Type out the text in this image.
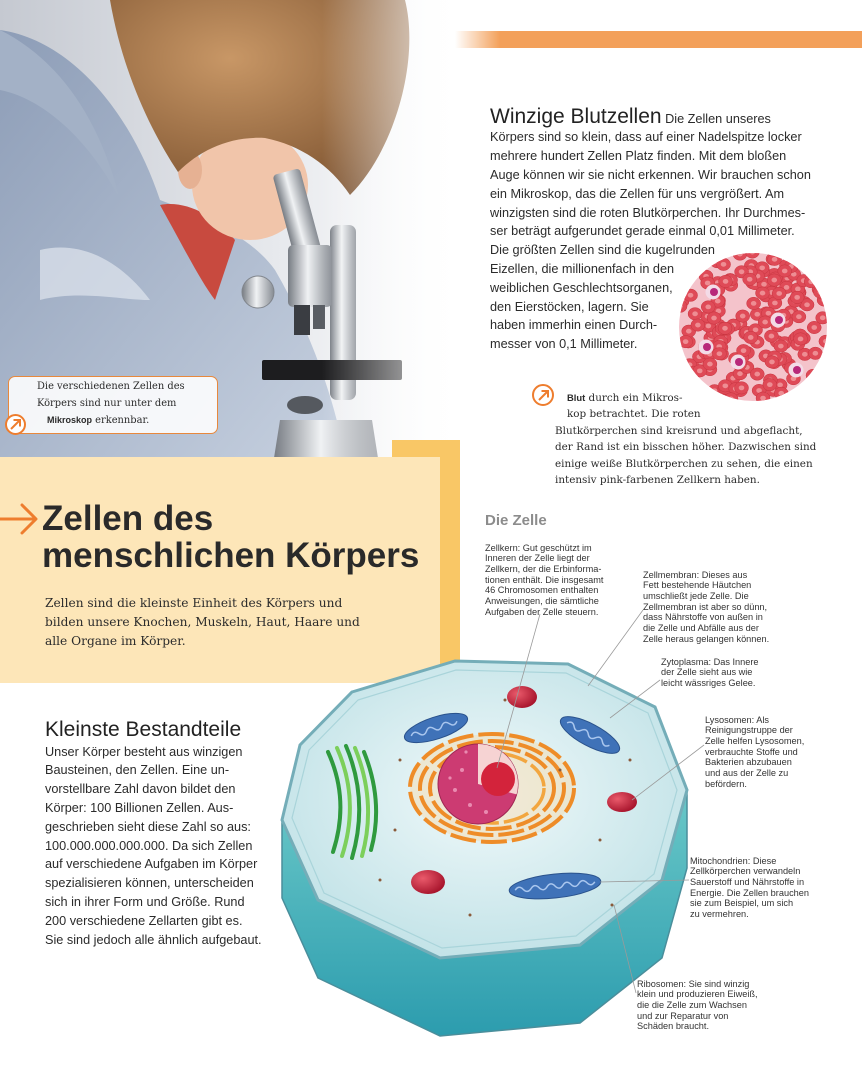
Die verschiedenen Zellen des
Körpers sind nur unter dem
Mikroskop erkennbar.
Winzige Blutzellen Die Zellen unseres
Körpers sind so klein, dass auf einer Nadelspitze locker
mehrere hundert Zellen Platz finden. Mit dem bloßen
Auge können wir sie nicht erkennen. Wir brauchen schon
ein Mikroskop, das die Zellen für uns vergrößert. Am
winzigsten sind die roten Blutkörperchen. Ihr Durchmes-
ser beträgt aufgerundet gerade einmal 0,01 Millimeter.
Die größten Zellen sind die kugelrunden
Eizellen, die millionenfach in den
weiblichen Geschlechtsorganen,
den Eierstöcken, lagern. Sie
haben immerhin einen Durch-
messer von 0,1 Millimeter.
Blut durch ein Mikros-
kop betrachtet. Die roten
Blutkörperchen sind kreisrund und abgeflacht,
der Rand ist ein bisschen höher. Dazwischen sind
einige weiße Blutkörperchen zu sehen, die einen
intensiv pink-farbenen Zellkern haben.
Zellen des
menschlichen Körpers
Zellen sind die kleinste Einheit des Körpers und
bilden unsere Knochen, Muskeln, Haut, Haare und
alle Organe im Körper.
Kleinste Bestandteile
Unser Körper besteht aus winzigen
Bausteinen, den Zellen. Eine un-
vorstellbare Zahl davon bildet den
Körper: 100 Billionen Zellen. Aus-
geschrieben sieht diese Zahl so aus:
100.000.000.000.000. Da sich Zellen
auf verschiedene Aufgaben im Körper
spezialisieren können, unterscheiden
sich in ihrer Form und Größe. Rund
200 verschiedene Zellarten gibt es.
Sie sind jedoch alle ähnlich aufgebaut.
Die Zelle
Zellkern: Gut geschützt im
Inneren der Zelle liegt der
Zellkern, der die Erbinforma-
tionen enthält. Die insgesamt
46 Chromosomen enthalten
Anweisungen, die sämtliche
Aufgaben der Zelle steuern.
Zellmembran: Dieses aus
Fett bestehende Häutchen
umschließt jede Zelle. Die
Zellmembran ist aber so dünn,
dass Nährstoffe von außen in
die Zelle und Abfälle aus der
Zelle heraus gelangen können.
Zytoplasma: Das Innere
der Zelle sieht aus wie
leicht wässriges Gelee.
Lysosomen: Als
Reinigungstruppe der
Zelle helfen Lysosomen,
verbrauchte Stoffe und
Bakterien abzubauen
und aus der Zelle zu
befördern.
Mitochondrien: Diese
Zellkörperchen verwandeln
Sauerstoff und Nährstoffe in
Energie. Die Zellen brauchen
sie zum Beispiel, um sich
zu vermehren.
Ribosomen: Sie sind winzig
klein und produzieren Eiweiß,
die die Zelle zum Wachsen
und zur Reparatur von
Schäden braucht.
